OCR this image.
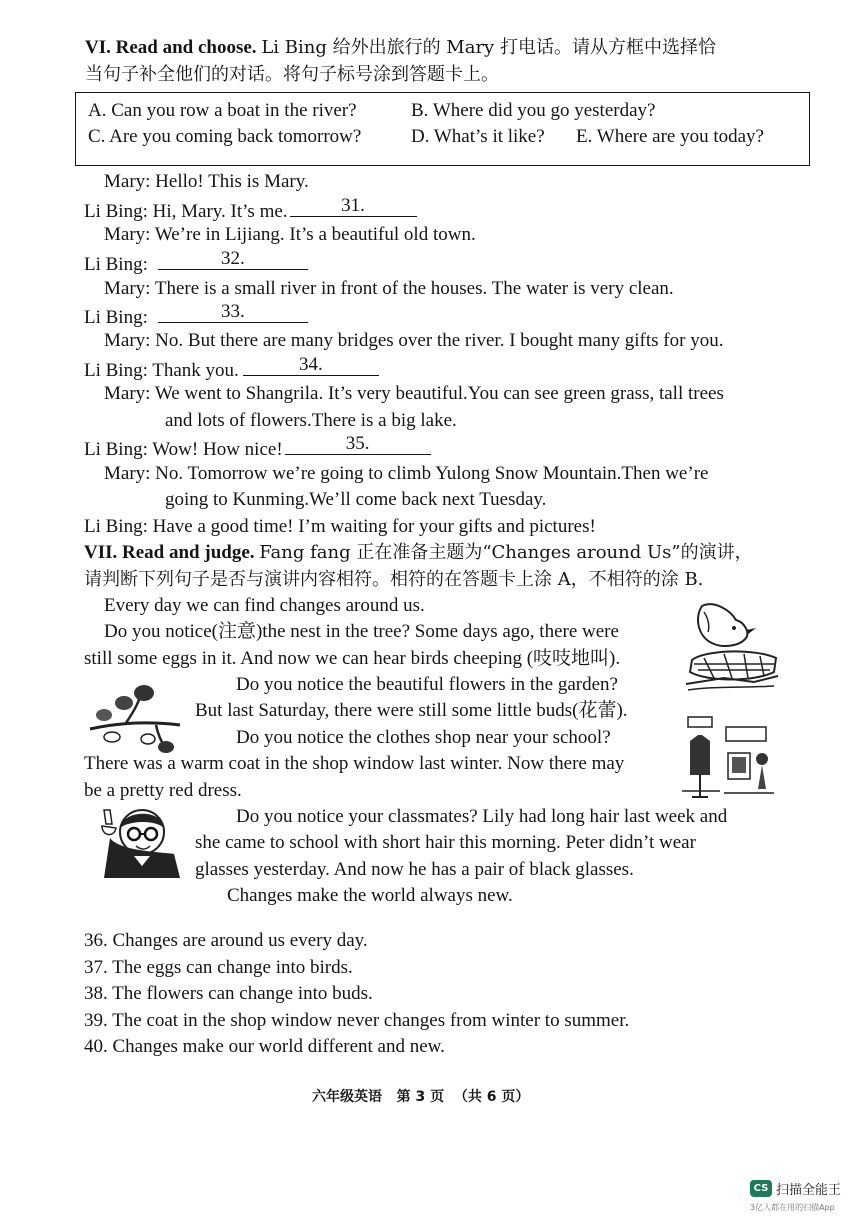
VI. Read and choose. Li Bing 给外出旅行的 Mary 打电话。请从方框中选择恰
当句子补全他们的对话。将句子标号涂到答题卡上。
A. Can you row a boat in the river?	B. Where did you go yesterday?
C. Are you coming back tomorrow?	D. What’s it like? E. Where are you today?
Mary: Hello! This is Mary.
Li Bing: Hi, Mary. It’s me.	31.
Mary: We’re in Lijiang. It’s a beautiful old town.
Li Bing:	32.
Mary: There is a small river in front of the houses. The water is very clean.
Li Bing:	33.
Mary: No. But there are many bridges over the river. I bought many gifts for you.
Li Bing: Thank you.	34.
Mary: We went to Shangrila. It’s very beautiful.You can see green grass, tall trees
and lots of flowers.There is a big lake.
Li Bing: Wow! How nice!	35.
Mary: No. Tomorrow we’re going to climb Yulong Snow Mountain.Then we’re
going to Kunming.We’ll come back next Tuesday.
Li Bing: Have a good time! I’m waiting for your gifts and pictures!
VII. Read and judge. Fang fang 正在准备主题为“Changes around Us”的演讲，
请判断下列句子是否与演讲内容相符。相符的在答题卡上涂 A，不相符的涂 B.
Every day we can find changes around us.
Do you notice(注意)the nest in the tree? Some days ago, there were
still some eggs in it. And now we can hear birds cheeping (吱吱地叫).
Do you notice the beautiful flowers in the garden?
But last Saturday, there were still some little buds(花蕾).
Do you notice the clothes shop near your school?
There was a warm coat in the shop window last winter. Now there may
be a pretty red dress.
Do you notice your classmates? Lily had long hair last week and
she came to school with short hair this morning. Peter didn’t wear
glasses yesterday. And now he has a pair of black glasses.
Changes make the world always new.
36. Changes are around us every day.
37. The eggs can change into birds.
38. The flowers can change into buds.
39. The coat in the shop window never changes from winter to summer.
40. Changes make our world different and new.
六年级英语   第 3 页  （共 6 页）
CS 扫描全能王
3亿人都在用的扫描App
